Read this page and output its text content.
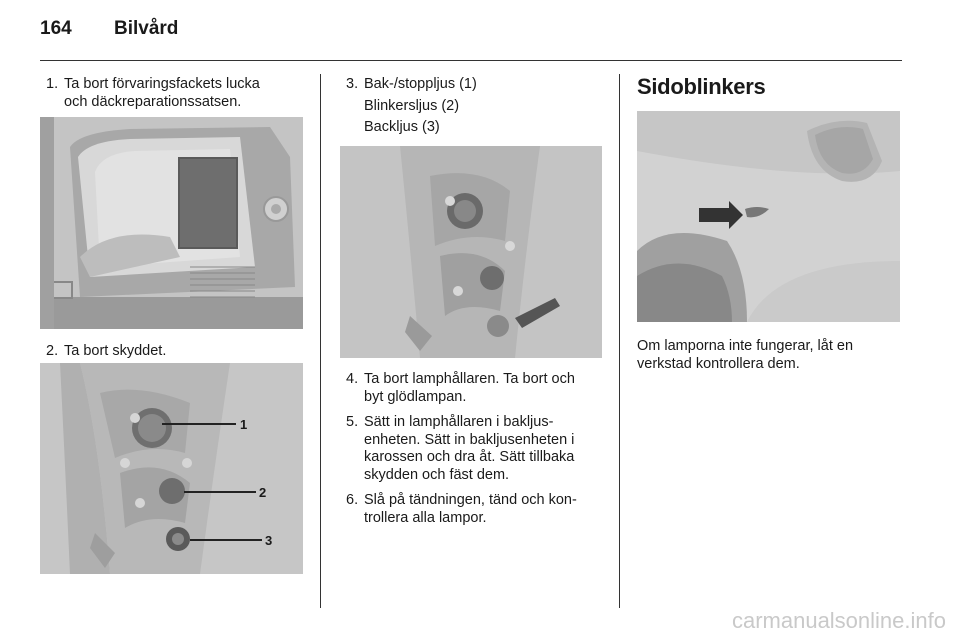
164	Bilvård
1. Ta bort förvaringsfackets lucka
och däckreparationssatsen.
2. Ta bort skyddet.
1
2
3
3. Bak-/stoppljus (1)
Blinkersljus (2)
Backljus (3)
4. Ta bort lamphållaren. Ta bort och
byt glödlampan.
5. Sätt in lamphållaren i bakljus-
enheten. Sätt in bakljusenheten i
karossen och dra åt. Sätt tillbaka
skydden och fäst dem.
6. Slå på tändningen, tänd och kon-
trollera alla lampor.
Sidoblinkers
Om lamporna inte fungerar, låt en
verkstad kontrollera dem.
carmanualsonline.info
